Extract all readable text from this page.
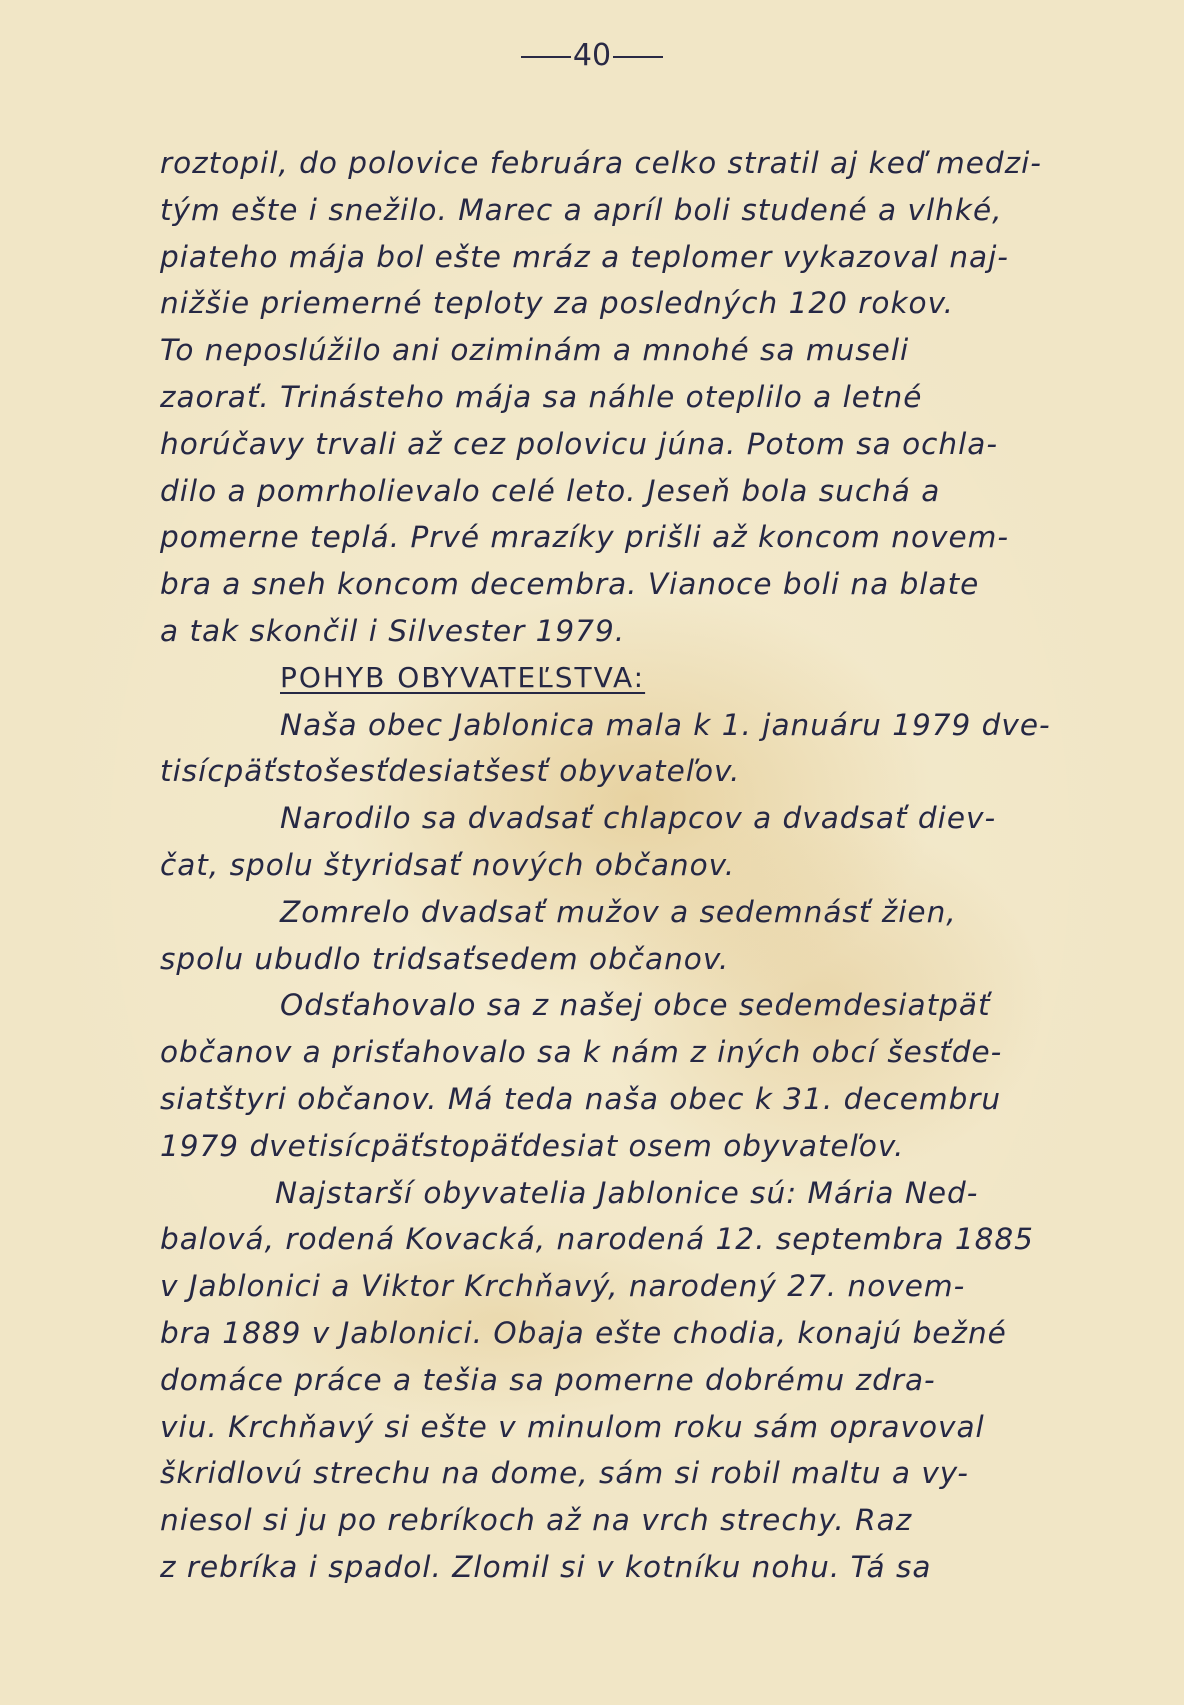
40
roztopil, do polovice februára celko stratil aj keď medzi-
tým ešte i snežilo. Marec a apríl boli studené a vlhké,
piateho mája bol ešte mráz a teplomer vykazoval naj-
nižšie priemerné teploty za posledných 120 rokov.
To neposlúžilo ani oziminám a mnohé sa museli
zaorať. Trinásteho mája sa náhle oteplilo a letné
horúčavy trvali až cez polovicu júna. Potom sa ochla-
dilo a pomrholievalo celé leto. Jeseň bola suchá a
pomerne teplá. Prvé mrazíky prišli až koncom novem-
bra a sneh koncom decembra. Vianoce boli na blate
a tak skončil i Silvester 1979.
POHYB OBYVATEĽSTVA:
Naša obec Jablonica mala k 1. januáru 1979 dve-
tisícpäťstošesťdesiatšesť obyvateľov.
Narodilo sa dvadsať chlapcov a dvadsať diev-
čat, spolu štyridsať nových občanov.
Zomrelo dvadsať mužov a sedemnásť žien,
spolu ubudlo tridsaťsedem občanov.
Odsťahovalo sa z našej obce sedemdesiatpäť
občanov a prisťahovalo sa k nám z iných obcí šesťde-
siatštyri občanov. Má teda naša obec k 31. decembru
1979 dvetisícpäťstopäťdesiat osem obyvateľov.
Najstarší obyvatelia Jablonice sú: Mária Ned-
balová, rodená Kovacká, narodená 12. septembra 1885
v Jablonici a Viktor Krchňavý, narodený 27. novem-
bra 1889 v Jablonici. Obaja ešte chodia, konajú bežné
domáce práce a tešia sa pomerne dobrému zdra-
viu. Krchňavý si ešte v minulom roku sám opravoval
škridlovú strechu na dome, sám si robil maltu a vy-
niesol si ju po rebríkoch až na vrch strechy. Raz
z rebríka i spadol. Zlomil si v kotníku nohu. Tá sa
